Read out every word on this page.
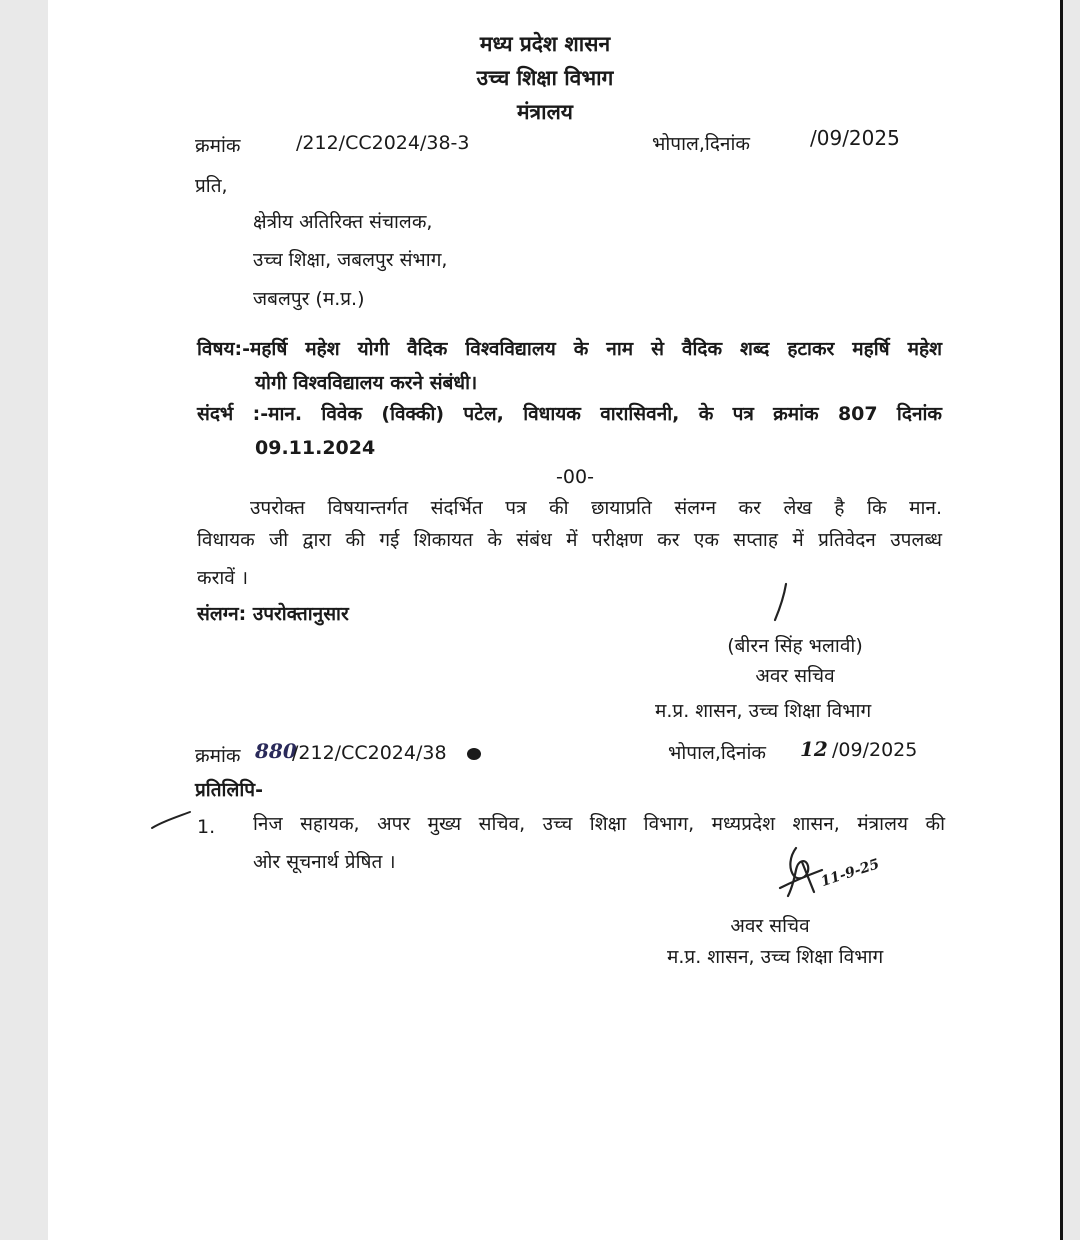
मध्य प्रदेश शासन
उच्च शिक्षा विभाग
मंत्रालय
क्रमांक	/212/CC2024/38-3	भोपाल,दिनांक	/09/2025
प्रति,
क्षेत्रीय अतिरिक्त संचालक,
उच्च शिक्षा, जबलपुर संभाग,
जबलपुर (म.प्र.)
विषय:-महर्षि महेश योगी वैदिक विश्वविद्यालय के नाम से वैदिक शब्द हटाकर महर्षि महेश
योगी विश्वविद्यालय करने संबंधी।
संदर्भ :-मान. विवेक (विक्की) पटेल, विधायक वारासिवनी, के पत्र क्रमांक 807 दिनांक
09.11.2024
-00-
उपरोक्त विषयान्तर्गत संदर्भित पत्र की छायाप्रति संलग्न कर लेख है कि मान.
विधायक जी द्वारा की गई शिकायत के संबंध में परीक्षण कर एक सप्ताह में प्रतिवेदन उपलब्ध
करावें ।
संलग्न: उपरोक्तानुसार
(बीरन सिंह भलावी)
अवर सचिव
म.प्र. शासन, उच्च शिक्षा विभाग
क्रमांक 880
/212/CC2024/38	भोपाल,दिनांक 12 /09/2025
प्रतिलिपि-
1. निज सहायक, अपर मुख्य सचिव, उच्च शिक्षा विभाग, मध्यप्रदेश शासन, मंत्रालय की
ओर सूचनार्थ प्रेषित ।	11-9-25
अवर सचिव
म.प्र. शासन, उच्च शिक्षा विभाग
